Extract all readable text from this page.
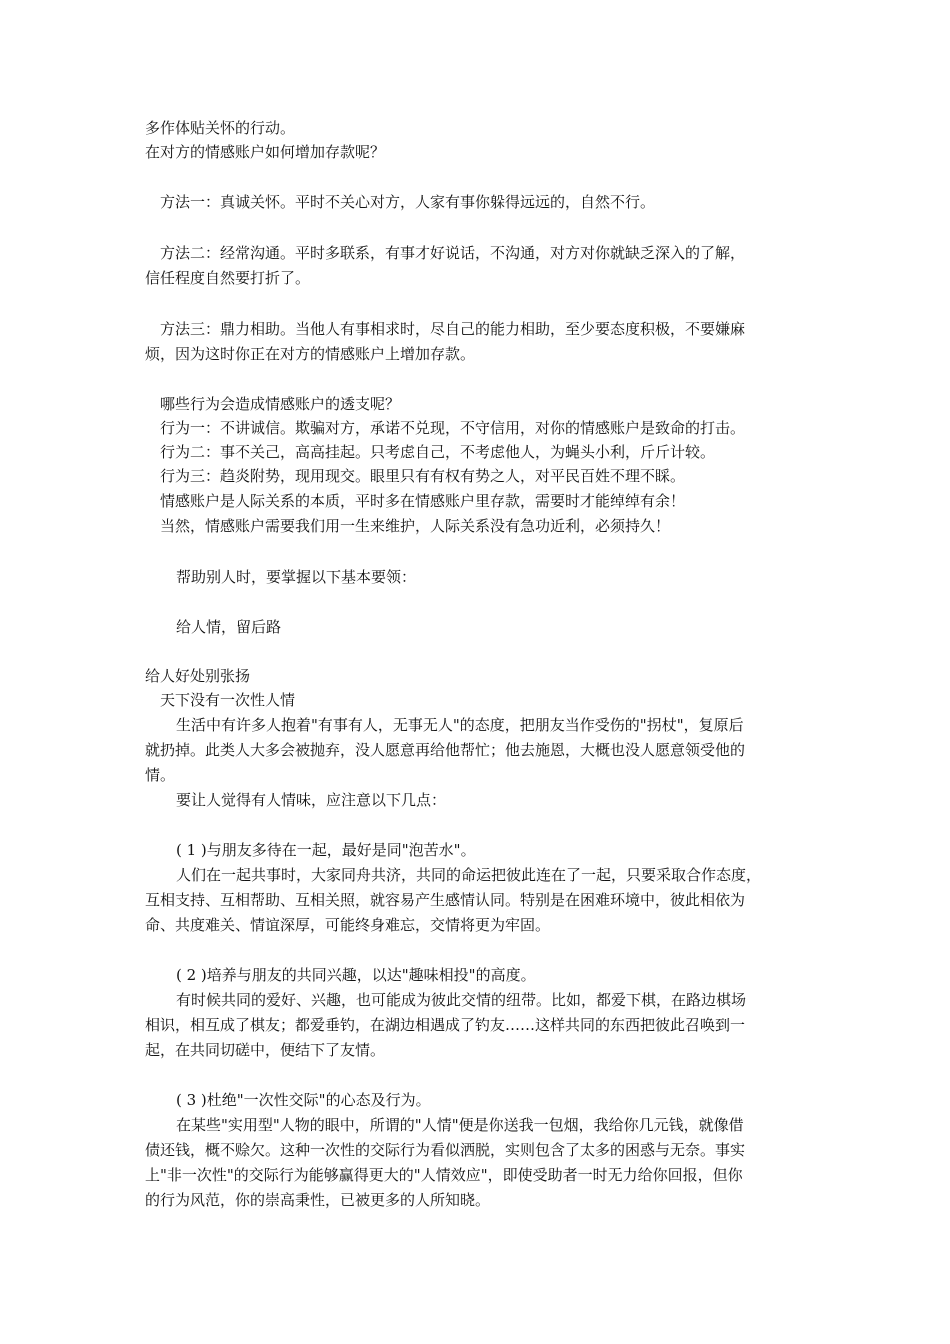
多作体贴关怀的行动。
在对方的情感账户如何增加存款呢？
方法一：真诚关怀。平时不关心对方，人家有事你躲得远远的，自然不行。
方法二：经常沟通。平时多联系，有事才好说话，不沟通，对方对你就缺乏深入的了解，
信任程度自然要打折了。
方法三：鼎力相助。当他人有事相求时，尽自己的能力相助，至少要态度积极，不要嫌麻
烦，因为这时你正在对方的情感账户上增加存款。
哪些行为会造成情感账户的透支呢？
行为一：不讲诚信。欺骗对方，承诺不兑现，不守信用，对你的情感账户是致命的打击。
行为二：事不关己，高高挂起。只考虑自己，不考虑他人，为蝇头小利，斤斤计较。
行为三：趋炎附势，现用现交。眼里只有有权有势之人，对平民百姓不理不睬。
情感账户是人际关系的本质，平时多在情感账户里存款，需要时才能绰绰有余！
当然，情感账户需要我们用一生来维护，人际关系没有急功近利，必须持久！
帮助别人时，要掌握以下基本要领：
给人情，留后路
给人好处别张扬
天下没有一次性人情
生活中有许多人抱着"有事有人，无事无人"的态度，把朋友当作受伤的"拐杖"，复原后
就扔掉。此类人大多会被抛弃，没人愿意再给他帮忙；他去施恩，大概也没人愿意领受他的
情。
要让人觉得有人情味，应注意以下几点：
( 1 )与朋友多待在一起，最好是同"泡苦水"。
人们在一起共事时，大家同舟共济，共同的命运把彼此连在了一起，只要采取合作态度，
互相支持、互相帮助、互相关照，就容易产生感情认同。特别是在困难环境中，彼此相依为
命、共度难关、情谊深厚，可能终身难忘，交情将更为牢固。
( 2 )培养与朋友的共同兴趣，以达"趣味相投"的高度。
有时候共同的爱好、兴趣，也可能成为彼此交情的纽带。比如，都爱下棋，在路边棋场
相识，相互成了棋友；都爱垂钓，在湖边相遇成了钓友……这样共同的东西把彼此召唤到一
起，在共同切磋中，便结下了友情。
( 3 )杜绝"一次性交际"的心态及行为。
在某些"实用型"人物的眼中，所谓的"人情"便是你送我一包烟，我给你几元钱，就像借
债还钱，概不赊欠。这种一次性的交际行为看似洒脱，实则包含了太多的困惑与无奈。事实
上"非一次性"的交际行为能够赢得更大的"人情效应"，即使受助者一时无力给你回报，但你
的行为风范，你的崇高秉性，已被更多的人所知晓。
